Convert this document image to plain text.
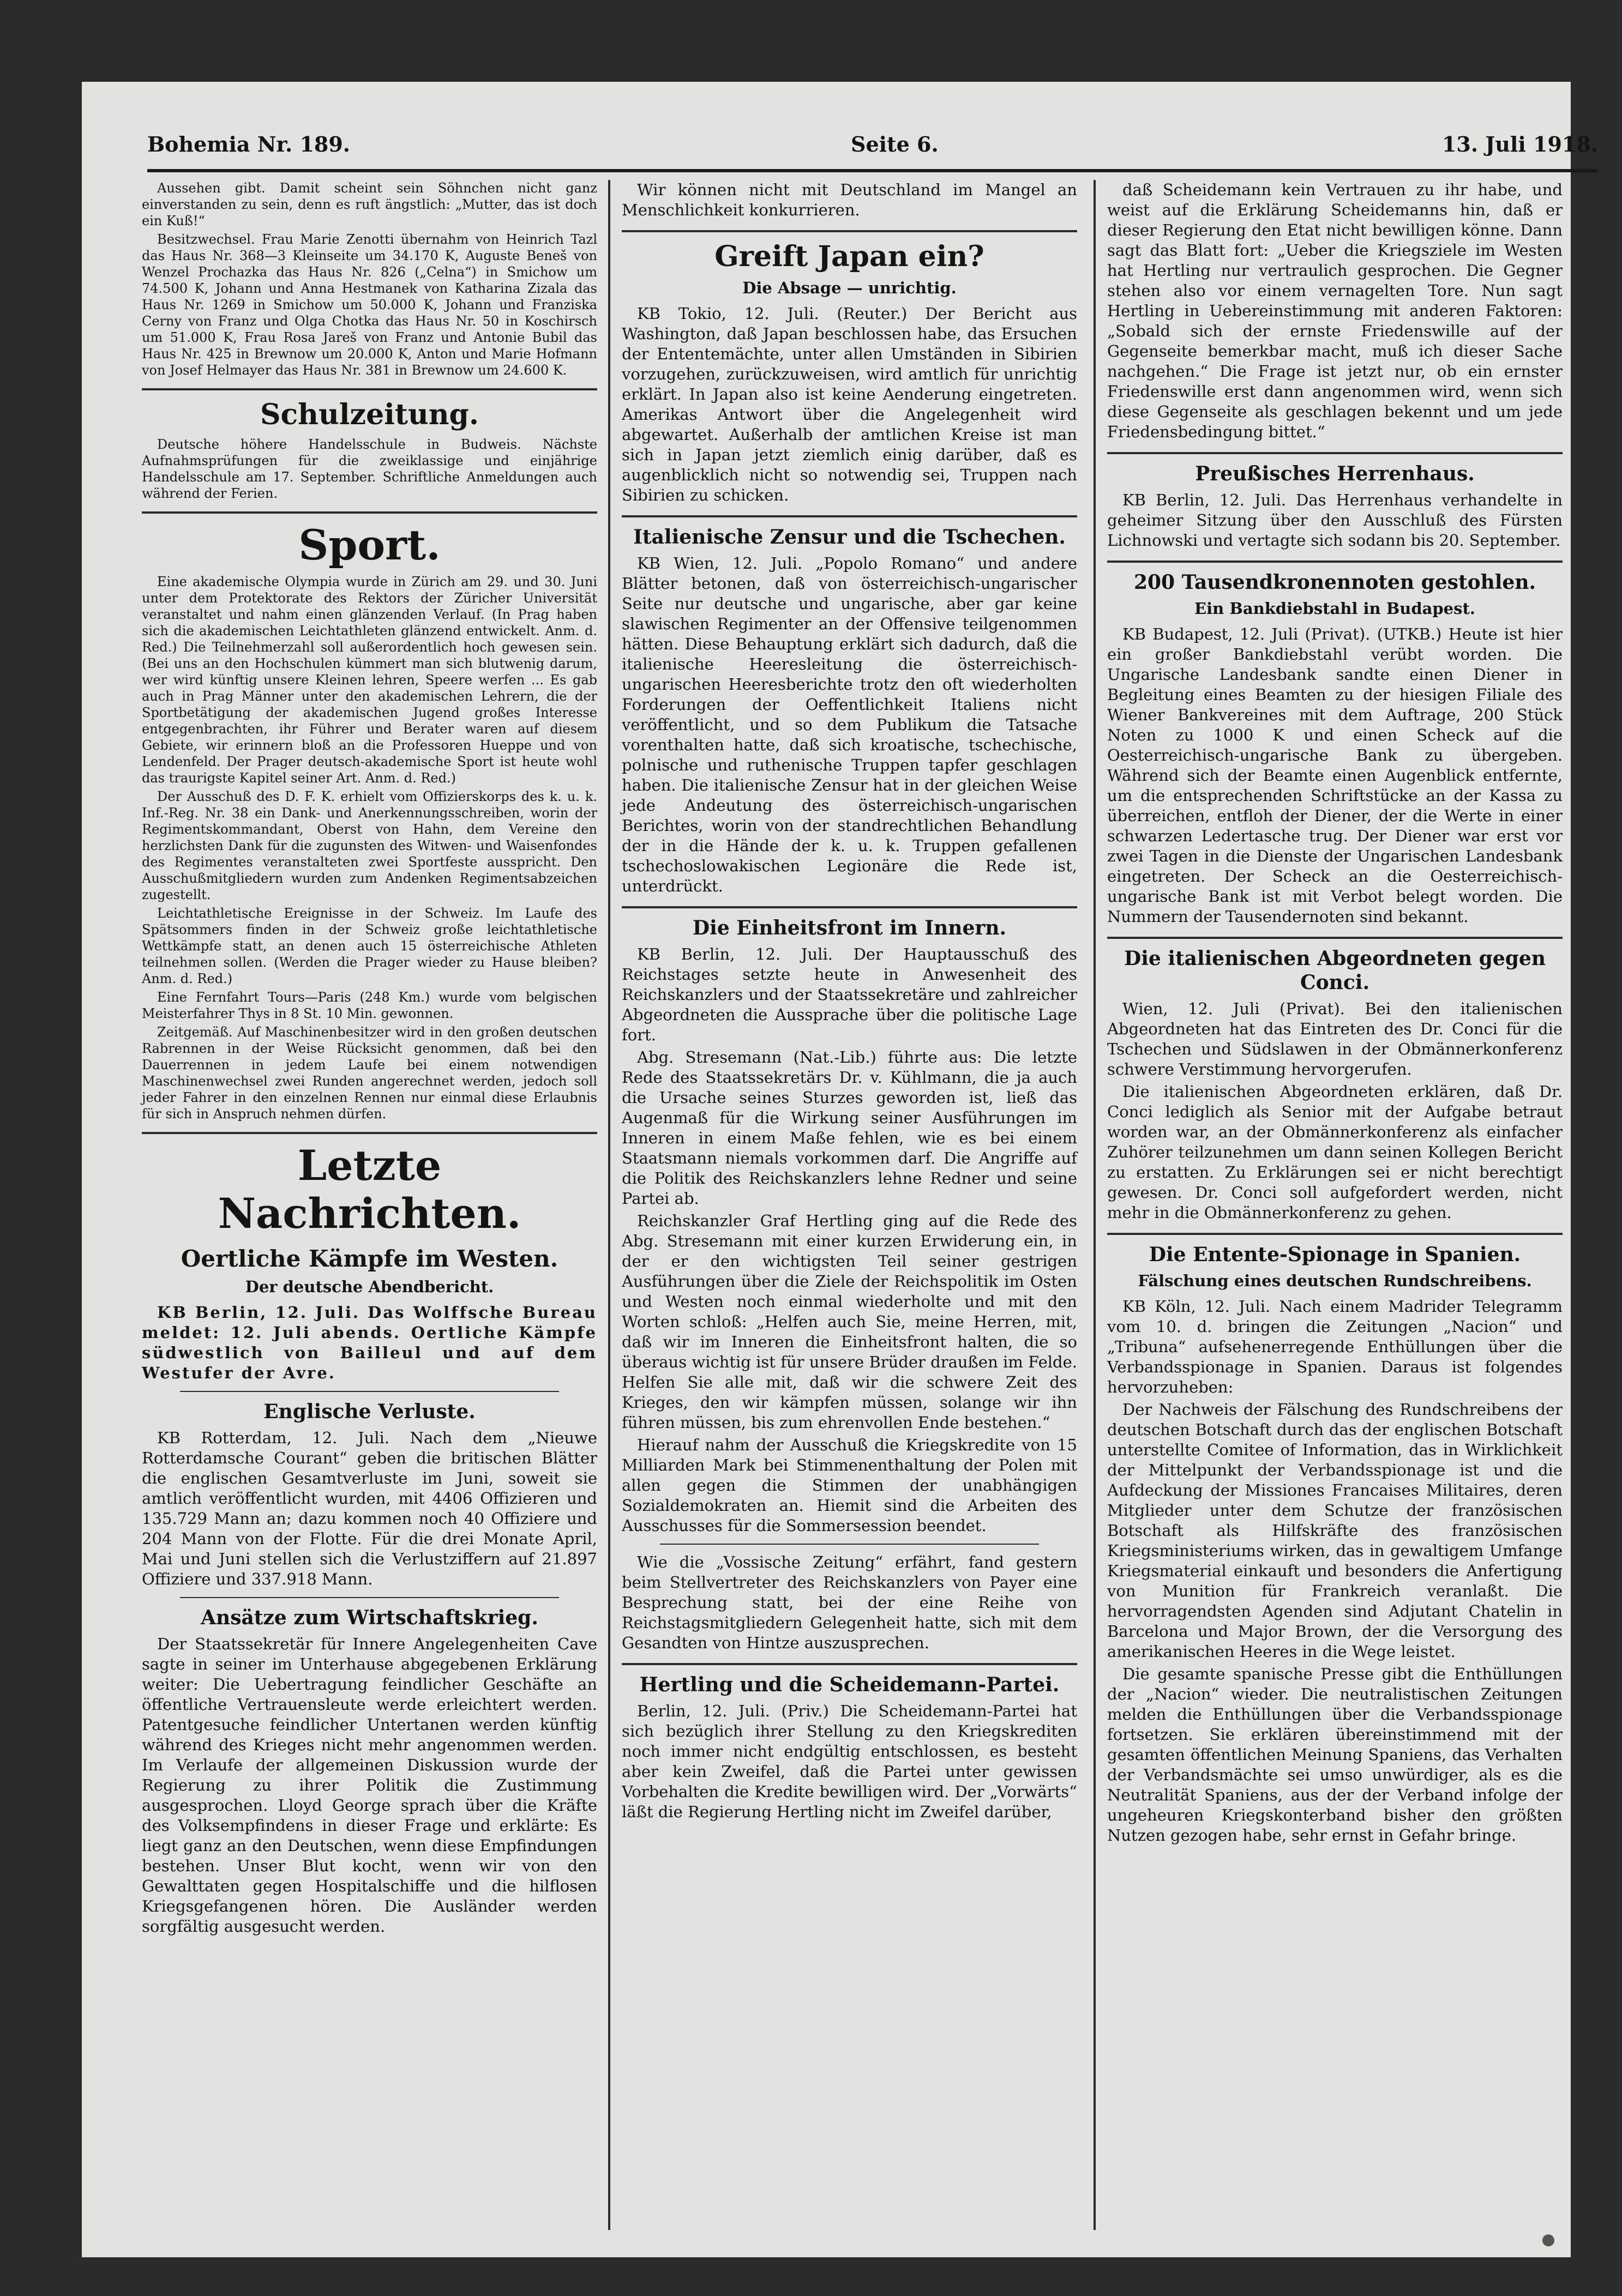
Bohemia Nr. 189.	Seite 6.	13. Juli 1918.

Aussehen gibt. Damit scheint sein Söhnchen nicht ganz einverstanden zu sein, denn es ruft ängstlich: „Mutter, das ist doch ein Kuß!“

Besitzwechsel. Frau Marie Zenotti übernahm von Heinrich Tazl das Haus Nr. 368—3 Kleinseite um 34.170 K, Auguste Beneš von Wenzel Prochazka das Haus Nr. 826 („Celna“) in Smichow um 74.500 K, Johann und Anna Hestmanek von Katharina Zizala das Haus Nr. 1269 in Smichow um 50.000 K, Johann und Franziska Cerny von Franz und Olga Chotka das Haus Nr. 50 in Koschirsch um 51.000 K, Frau Rosa Jareš von Franz und Antonie Bubil das Haus Nr. 425 in Brewnow um 20.000 K, Anton und Marie Hofmann von Josef Helmayer das Haus Nr. 381 in Brewnow um 24.600 K.

Schulzeitung.

Deutsche höhere Handelsschule in Budweis. Nächste Aufnahmsprüfungen für die zweiklassige und einjährige Handelsschule am 17. September. Schriftliche Anmeldungen auch während der Ferien.

Sport.

Eine akademische Olympia wurde in Zürich am 29. und 30. Juni unter dem Protektorate des Rektors der Züricher Universität veranstaltet und nahm einen glänzenden Verlauf. (In Prag haben sich die akademischen Leichtathleten glänzend entwickelt. Anm. d. Red.) Die Teilnehmerzahl soll außerordentlich hoch gewesen sein. (Bei uns an den Hochschulen kümmert man sich blutwenig darum, wer wird künftig unsere Kleinen lehren, Speere werfen ... Es gab auch in Prag Männer unter den akademischen Lehrern, die der Sportbetätigung der akademischen Jugend großes Interesse entgegenbrachten, ihr Führer und Berater waren auf diesem Gebiete, wir erinnern bloß an die Professoren Hueppe und von Lendenfeld. Der Prager deutsch-akademische Sport ist heute wohl das traurigste Kapitel seiner Art. Anm. d. Red.)

Der Ausschuß des D. F. K. erhielt vom Offizierskorps des k. u. k. Inf.-Reg. Nr. 38 ein Dank- und Anerkennungsschreiben, worin der Regimentskommandant, Oberst von Hahn, dem Vereine den herzlichsten Dank für die zugunsten des Witwen- und Waisenfondes des Regimentes veranstalteten zwei Sportfeste ausspricht. Den Ausschußmitgliedern wurden zum Andenken Regimentsabzeichen zugestellt.

Leichtathletische Ereignisse in der Schweiz. Im Laufe des Spätsommers finden in der Schweiz große leichtathletische Wettkämpfe statt, an denen auch 15 österreichische Athleten teilnehmen sollen. (Werden die Prager wieder zu Hause bleiben? Anm. d. Red.)

Eine Fernfahrt Tours—Paris (248 Km.) wurde vom belgischen Meisterfahrer Thys in 8 St. 10 Min. gewonnen.

Zeitgemäß. Auf Maschinenbesitzer wird in den großen deutschen Rabrennen in der Weise Rücksicht genommen, daß bei den Dauerrennen in jedem Laufe bei einem notwendigen Maschinenwechsel zwei Runden angerechnet werden, jedoch soll jeder Fahrer in den einzelnen Rennen nur einmal diese Erlaubnis für sich in Anspruch nehmen dürfen.

Letzte Nachrichten.
Oertliche Kämpfe im Westen.
Der deutsche Abendbericht.

KB Berlin, 12. Juli. Das Wolffsche Bureau meldet: 12. Juli abends. Oertliche Kämpfe südwestlich von Bailleul und auf dem Westufer der Avre.

Englische Verluste.

KB Rotterdam, 12. Juli. Nach dem „Nieuwe Rotterdamsche Courant“ geben die britischen Blätter die englischen Gesamtverluste im Juni, soweit sie amtlich veröffentlicht wurden, mit 4406 Offizieren und 135.729 Mann an; dazu kommen noch 40 Offiziere und 204 Mann von der Flotte. Für die drei Monate April, Mai und Juni stellen sich die Verlustziffern auf 21.897 Offiziere und 337.918 Mann.

Ansätze zum Wirtschaftskrieg.

Der Staatssekretär für Innere Angelegenheiten Cave sagte in seiner im Unterhause abgegebenen Erklärung weiter: Die Uebertragung feindlicher Geschäfte an öffentliche Vertrauensleute werde erleichtert werden. Patentgesuche feindlicher Untertanen werden künftig während des Krieges nicht mehr angenommen werden. Im Verlaufe der allgemeinen Diskussion wurde der Regierung zu ihrer Politik die Zustimmung ausgesprochen. Lloyd George sprach über die Kräfte des Volksempfindens in dieser Frage und erklärte: Es liegt ganz an den Deutschen, wenn diese Empfindungen bestehen. Unser Blut kocht, wenn wir von den Gewalttaten gegen Hospitalschiffe und die hilflosen Kriegsgefangenen hören. Die Ausländer werden sorgfältig ausgesucht werden.

Wir können nicht mit Deutschland im Mangel an Menschlichkeit konkurrieren.

Greift Japan ein?
Die Absage — unrichtig.

KB Tokio, 12. Juli. (Reuter.) Der Bericht aus Washington, daß Japan beschlossen habe, das Ersuchen der Ententemächte, unter allen Umständen in Sibirien vorzugehen, zurückzuweisen, wird amtlich für unrichtig erklärt. In Japan also ist keine Aenderung eingetreten. Amerikas Antwort über die Angelegenheit wird abgewartet. Außerhalb der amtlichen Kreise ist man sich in Japan jetzt ziemlich einig darüber, daß es augenblicklich nicht so notwendig sei, Truppen nach Sibirien zu schicken.

Italienische Zensur und die Tschechen.

KB Wien, 12. Juli. „Popolo Romano“ und andere Blätter betonen, daß von österreichisch-ungarischer Seite nur deutsche und ungarische, aber gar keine slawischen Regimenter an der Offensive teilgenommen hätten. Diese Behauptung erklärt sich dadurch, daß die italienische Heeresleitung die österreichisch-ungarischen Heeresberichte trotz den oft wiederholten Forderungen der Oeffentlichkeit Italiens nicht veröffentlicht, und so dem Publikum die Tatsache vorenthalten hatte, daß sich kroatische, tschechische, polnische und ruthenische Truppen tapfer geschlagen haben. Die italienische Zensur hat in der gleichen Weise jede Andeutung des österreichisch-ungarischen Berichtes, worin von der standrechtlichen Behandlung der in die Hände der k. u. k. Truppen gefallenen tschechoslowakischen Legionäre die Rede ist, unterdrückt.

Die Einheitsfront im Innern.

KB Berlin, 12. Juli. Der Hauptausschuß des Reichstages setzte heute in Anwesenheit des Reichskanzlers und der Staatssekretäre und zahlreicher Abgeordneten die Aussprache über die politische Lage fort.

Abg. Stresemann (Nat.-Lib.) führte aus: Die letzte Rede des Staatssekretärs Dr. v. Kühlmann, die ja auch die Ursache seines Sturzes geworden ist, ließ das Augenmaß für die Wirkung seiner Ausführungen im Inneren in einem Maße fehlen, wie es bei einem Staatsmann niemals vorkommen darf. Die Angriffe auf die Politik des Reichskanzlers lehne Redner und seine Partei ab.

Reichskanzler Graf Hertling ging auf die Rede des Abg. Stresemann mit einer kurzen Erwiderung ein, in der er den wichtigsten Teil seiner gestrigen Ausführungen über die Ziele der Reichspolitik im Osten und Westen noch einmal wiederholte und mit den Worten schloß: „Helfen auch Sie, meine Herren, mit, daß wir im Inneren die Einheitsfront halten, die so überaus wichtig ist für unsere Brüder draußen im Felde. Helfen Sie alle mit, daß wir die schwere Zeit des Krieges, den wir kämpfen müssen, solange wir ihn führen müssen, bis zum ehrenvollen Ende bestehen.“

Hierauf nahm der Ausschuß die Kriegskredite von 15 Milliarden Mark bei Stimmenenthaltung der Polen mit allen gegen die Stimmen der unabhängigen Sozialdemokraten an. Hiemit sind die Arbeiten des Ausschusses für die Sommersession beendet.

Wie die „Vossische Zeitung“ erfährt, fand gestern beim Stellvertreter des Reichskanzlers von Payer eine Besprechung statt, bei der eine Reihe von Reichstagsmitgliedern Gelegenheit hatte, sich mit dem Gesandten von Hintze auszusprechen.

Hertling und die Scheidemann-Partei.

Berlin, 12. Juli. (Priv.) Die Scheidemann-Partei hat sich bezüglich ihrer Stellung zu den Kriegskrediten noch immer nicht endgültig entschlossen, es besteht aber kein Zweifel, daß die Partei unter gewissen Vorbehalten die Kredite bewilligen wird. Der „Vorwärts“ läßt die Regierung Hertling nicht im Zweifel darüber,

daß Scheidemann kein Vertrauen zu ihr habe, und weist auf die Erklärung Scheidemanns hin, daß er dieser Regierung den Etat nicht bewilligen könne. Dann sagt das Blatt fort: „Ueber die Kriegsziele im Westen hat Hertling nur vertraulich gesprochen. Die Gegner stehen also vor einem vernagelten Tore. Nun sagt Hertling in Uebereinstimmung mit anderen Faktoren: „Sobald sich der ernste Friedenswille auf der Gegenseite bemerkbar macht, muß ich dieser Sache nachgehen.“ Die Frage ist jetzt nur, ob ein ernster Friedenswille erst dann angenommen wird, wenn sich diese Gegenseite als geschlagen bekennt und um jede Friedensbedingung bittet.“

Preußisches Herrenhaus.

KB Berlin, 12. Juli. Das Herrenhaus verhandelte in geheimer Sitzung über den Ausschluß des Fürsten Lichnowski und vertagte sich sodann bis 20. September.

200 Tausendkronennoten gestohlen.
Ein Bankdiebstahl in Budapest.

KB Budapest, 12. Juli (Privat). (UTKB.) Heute ist hier ein großer Bankdiebstahl verübt worden. Die Ungarische Landesbank sandte einen Diener in Begleitung eines Beamten zu der hiesigen Filiale des Wiener Bankvereines mit dem Auftrage, 200 Stück Noten zu 1000 K und einen Scheck auf die Oesterreichisch-ungarische Bank zu übergeben. Während sich der Beamte einen Augenblick entfernte, um die entsprechenden Schriftstücke an der Kassa zu überreichen, entfloh der Diener, der die Werte in einer schwarzen Ledertasche trug. Der Diener war erst vor zwei Tagen in die Dienste der Ungarischen Landesbank eingetreten. Der Scheck an die Oesterreichisch-ungarische Bank ist mit Verbot belegt worden. Die Nummern der Tausendernoten sind bekannt.

Die italienischen Abgeordneten gegen Conci.

Wien, 12. Juli (Privat). Bei den italienischen Abgeordneten hat das Eintreten des Dr. Conci für die Tschechen und Südslawen in der Obmännerkonferenz schwere Verstimmung hervorgerufen.

Die italienischen Abgeordneten erklären, daß Dr. Conci lediglich als Senior mit der Aufgabe betraut worden war, an der Obmännerkonferenz als einfacher Zuhörer teilzunehmen um dann seinen Kollegen Bericht zu erstatten. Zu Erklärungen sei er nicht berechtigt gewesen. Dr. Conci soll aufgefordert werden, nicht mehr in die Obmännerkonferenz zu gehen.

Die Entente-Spionage in Spanien.
Fälschung eines deutschen Rundschreibens.

KB Köln, 12. Juli. Nach einem Madrider Telegramm vom 10. d. bringen die Zeitungen „Nacion“ und „Tribuna“ aufsehenerregende Enthüllungen über die Verbandsspionage in Spanien. Daraus ist folgendes hervorzuheben:

Der Nachweis der Fälschung des Rundschreibens der deutschen Botschaft durch das der englischen Botschaft unterstellte Comitee of Information, das in Wirklichkeit der Mittelpunkt der Verbandsspionage ist und die Aufdeckung der Missiones Francaises Militaires, deren Mitglieder unter dem Schutze der französischen Botschaft als Hilfskräfte des französischen Kriegsministeriums wirken, das in gewaltigem Umfange Kriegsmaterial einkauft und besonders die Anfertigung von Munition für Frankreich veranlaßt. Die hervorragendsten Agenden sind Adjutant Chatelin in Barcelona und Major Brown, der die Versorgung des amerikanischen Heeres in die Wege leistet.

Die gesamte spanische Presse gibt die Enthüllungen der „Nacion“ wieder. Die neutralistischen Zeitungen melden die Enthüllungen über die Verbandsspionage fortsetzen. Sie erklären übereinstimmend mit der gesamten öffentlichen Meinung Spaniens, das Verhalten der Verbandsmächte sei umso unwürdiger, als es die Neutralität Spaniens, aus der der Verband infolge der ungeheuren Kriegskonterband bisher den größten Nutzen gezogen habe, sehr ernst in Gefahr bringe.
